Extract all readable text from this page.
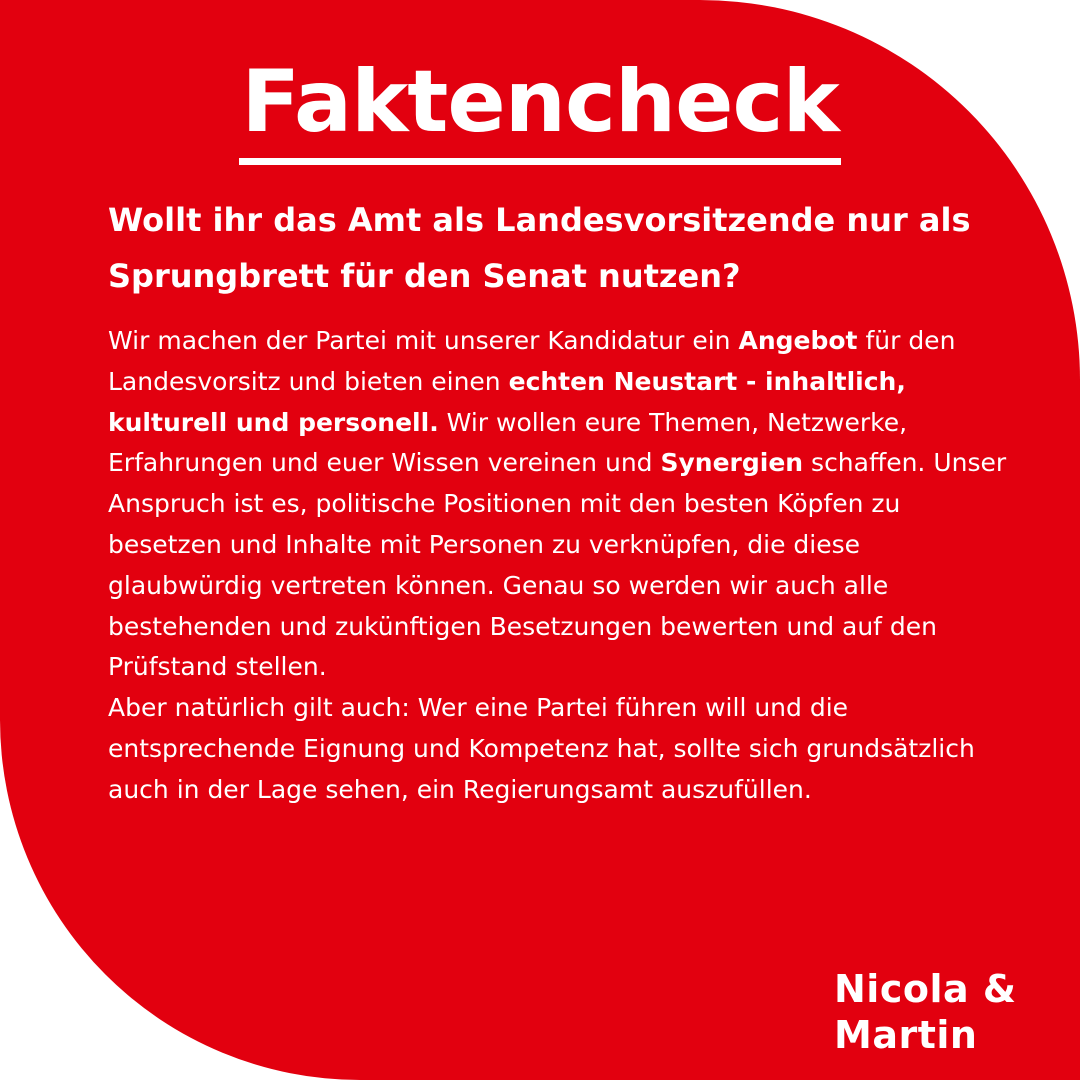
Faktencheck
Wollt ihr das Amt als Landesvorsitzende nur als Sprungbrett für den Senat nutzen?

Wir machen der Partei mit unserer Kandidatur ein Angebot für den Landesvorsitz und bieten einen echten Neustart - inhaltlich, kulturell und personell. Wir wollen eure Themen, Netzwerke, Erfahrungen und euer Wissen vereinen und Synergien schaffen. Unser Anspruch ist es, politische Positionen mit den besten Köpfen zu besetzen und Inhalte mit Personen zu verknüpfen, die diese glaubwürdig vertreten können. Genau so werden wir auch alle bestehenden und zukünftigen Besetzungen bewerten und auf den Prüfstand stellen.
Aber natürlich gilt auch: Wer eine Partei führen will und die entsprechende Eignung und Kompetenz hat, sollte sich grundsätzlich auch in der Lage sehen, ein Regierungsamt auszufüllen.

Nicola &
Martin
